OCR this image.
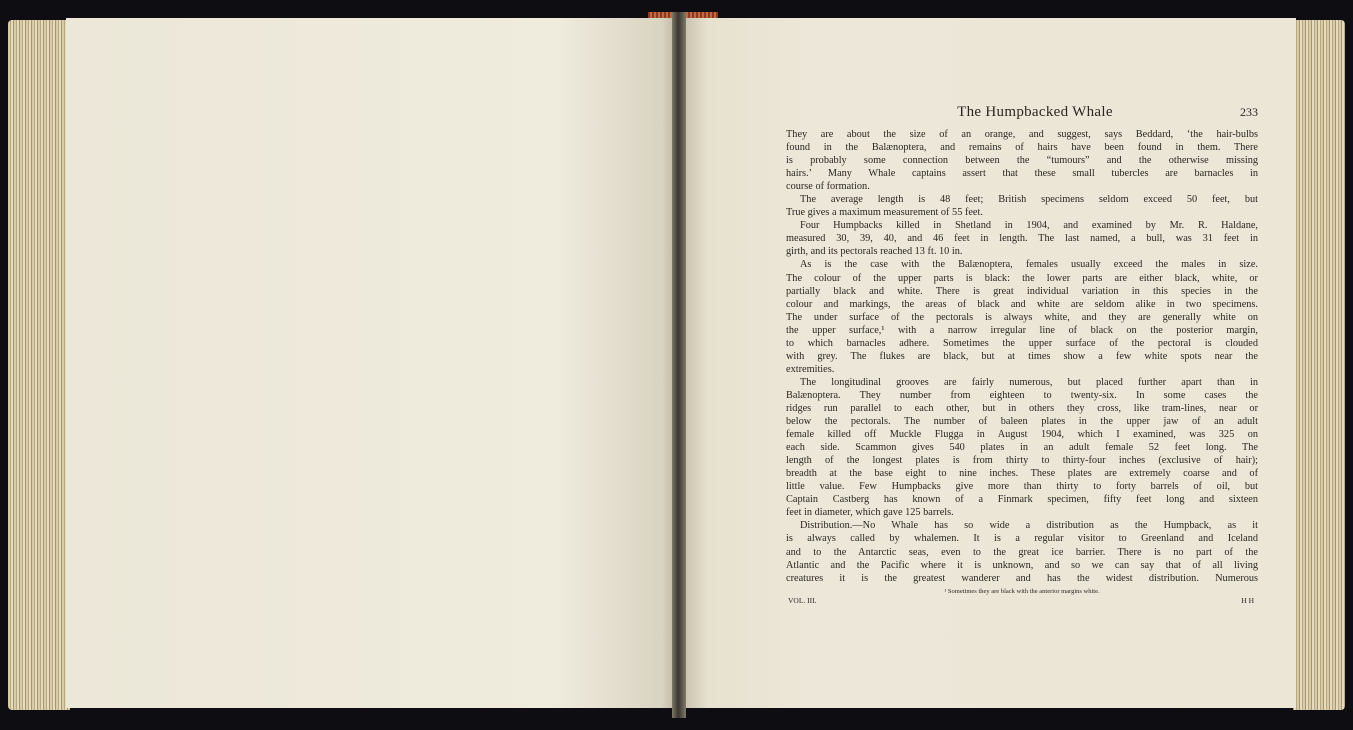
The Humpbacked Whale	233
They are about the size of an orange, and suggest, says Beddard, ‘the hair-bulbs
found in the Balænoptera, and remains of hairs have been found in them. There
is probably some connection between the “tumours” and the otherwise missing
hairs.’ Many Whale captains assert that these small tubercles are barnacles in
course of formation.
The average length is 48 feet; British specimens seldom exceed 50 feet, but
True gives a maximum measurement of 55 feet.
Four Humpbacks killed in Shetland in 1904, and examined by Mr. R. Haldane,
measured 30, 39, 40, and 46 feet in length. The last named, a bull, was 31 feet in
girth, and its pectorals reached 13 ft. 10 in.
As is the case with the Balænoptera, females usually exceed the males in size.
The colour of the upper parts is black: the lower parts are either black, white, or
partially black and white. There is great individual variation in this species in the
colour and markings, the areas of black and white are seldom alike in two specimens.
The under surface of the pectorals is always white, and they are generally white on
the upper surface,¹ with a narrow irregular line of black on the posterior margin,
to which barnacles adhere. Sometimes the upper surface of the pectoral is clouded
with grey. The flukes are black, but at times show a few white spots near the
extremities.
The longitudinal grooves are fairly numerous, but placed further apart than in
Balænoptera. They number from eighteen to twenty-six. In some cases the
ridges run parallel to each other, but in others they cross, like tram-lines, near or
below the pectorals. The number of baleen plates in the upper jaw of an adult
female killed off Muckle Flugga in August 1904, which I examined, was 325 on
each side. Scammon gives 540 plates in an adult female 52 feet long. The
length of the longest plates is from thirty to thirty-four inches (exclusive of hair);
breadth at the base eight to nine inches. These plates are extremely coarse and of
little value. Few Humpbacks give more than thirty to forty barrels of oil, but
Captain Castberg has known of a Finmark specimen, fifty feet long and sixteen
feet in diameter, which gave 125 barrels.
Distribution.—No Whale has so wide a distribution as the Humpback, as it
is always called by whalemen. It is a regular visitor to Greenland and Iceland
and to the Antarctic seas, even to the great ice barrier. There is no part of the
Atlantic and the Pacific where it is unknown, and so we can say that of all living
creatures it is the greatest wanderer and has the widest distribution. Numerous
¹ Sometimes they are black with the anterior margins white.
VOL. III.	H H
